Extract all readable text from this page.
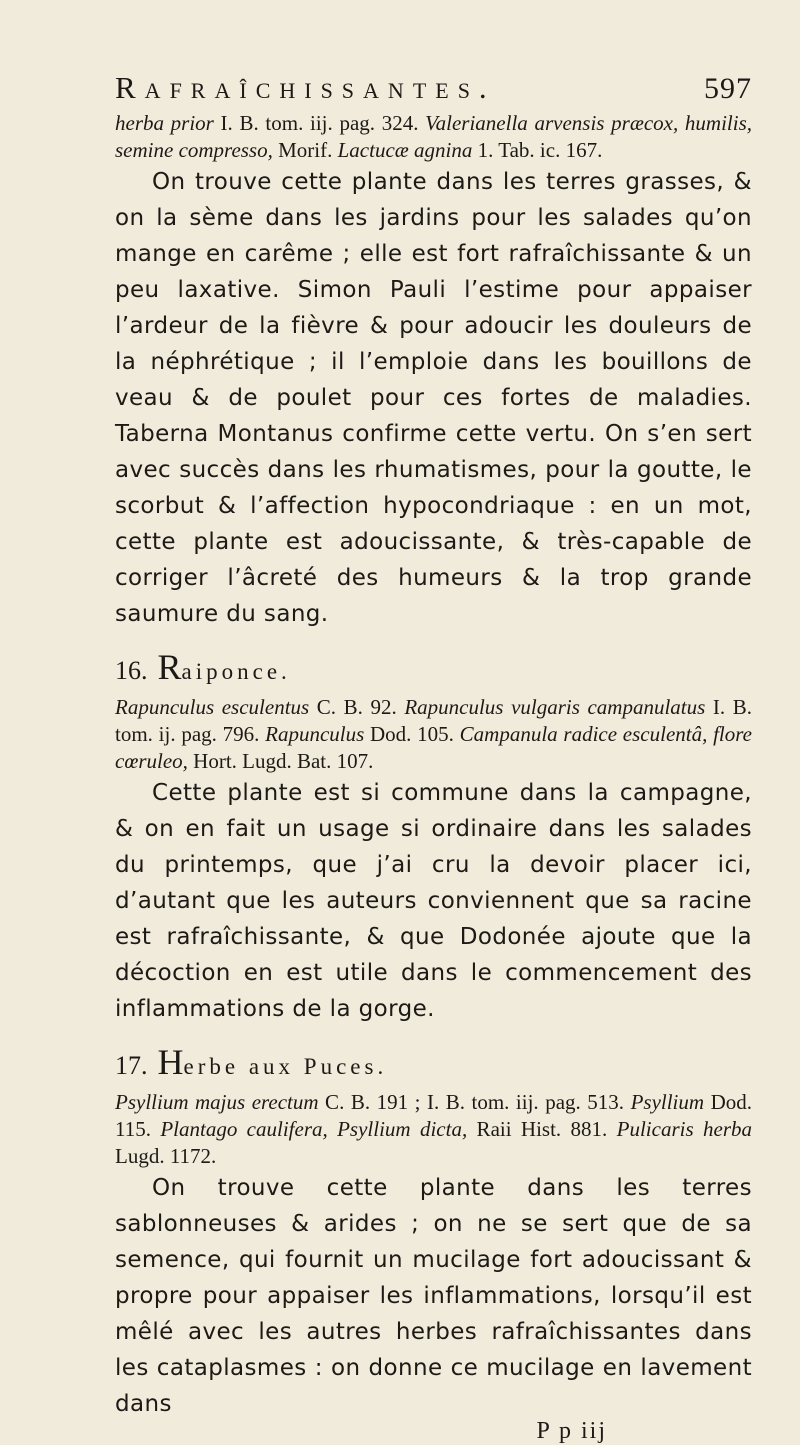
Rafraîchissantes.	597

herba prior I. B. tom. iij. pag. 324. Valerianella arvensis præcox, humilis, semine compresso, Morif. Lactucæ agnina 1. Tab. ic. 167.

On trouve cette plante dans les terres grasses, & on la sème dans les jardins pour les salades qu’on mange en carême ; elle est fort rafraîchissante & un peu laxative. Simon Pauli l’estime pour appaiser l’ardeur de la fièvre & pour adoucir les douleurs de la néphrétique ; il l’emploie dans les bouillons de veau & de poulet pour ces fortes de maladies. Taberna Montanus confirme cette vertu. On s’en sert avec succès dans les rhumatismes, pour la goutte, le scorbut & l’affection hypocondriaque : en un mot, cette plante est adoucissante, & très-capable de corriger l’âcreté des humeurs & la trop grande saumure du sang.

16. R aiponce.

Rapunculus esculentus C. B. 92. Rapunculus vulgaris campanulatus I. B. tom. ij. pag. 796. Rapunculus Dod. 105. Campanula radice esculentâ, flore cœruleo, Hort. Lugd. Bat. 107.

Cette plante est si commune dans la campagne, & on en fait un usage si ordinaire dans les salades du printemps, que j’ai cru la devoir placer ici, d’autant que les auteurs conviennent que sa racine est rafraîchissante, & que Dodonée ajoute que la décoction en est utile dans le commencement des inflammations de la gorge.

17. H erbe aux Puces.

Psyllium majus erectum C. B. 191 ; I. B. tom. iij. pag. 513. Psyllium Dod. 115. Plantago caulifera, Psyllium dicta, Raii Hist. 881. Pulicaris herba Lugd. 1172.

On trouve cette plante dans les terres sablonneuses & arides ; on ne se sert que de sa semence, qui fournit un mucilage fort adoucissant & propre pour appaiser les inflammations, lorsqu’il est mêlé avec les autres herbes rafraîchissantes dans les cataplasmes : on donne ce mucilage en lavement dans

P p iij
